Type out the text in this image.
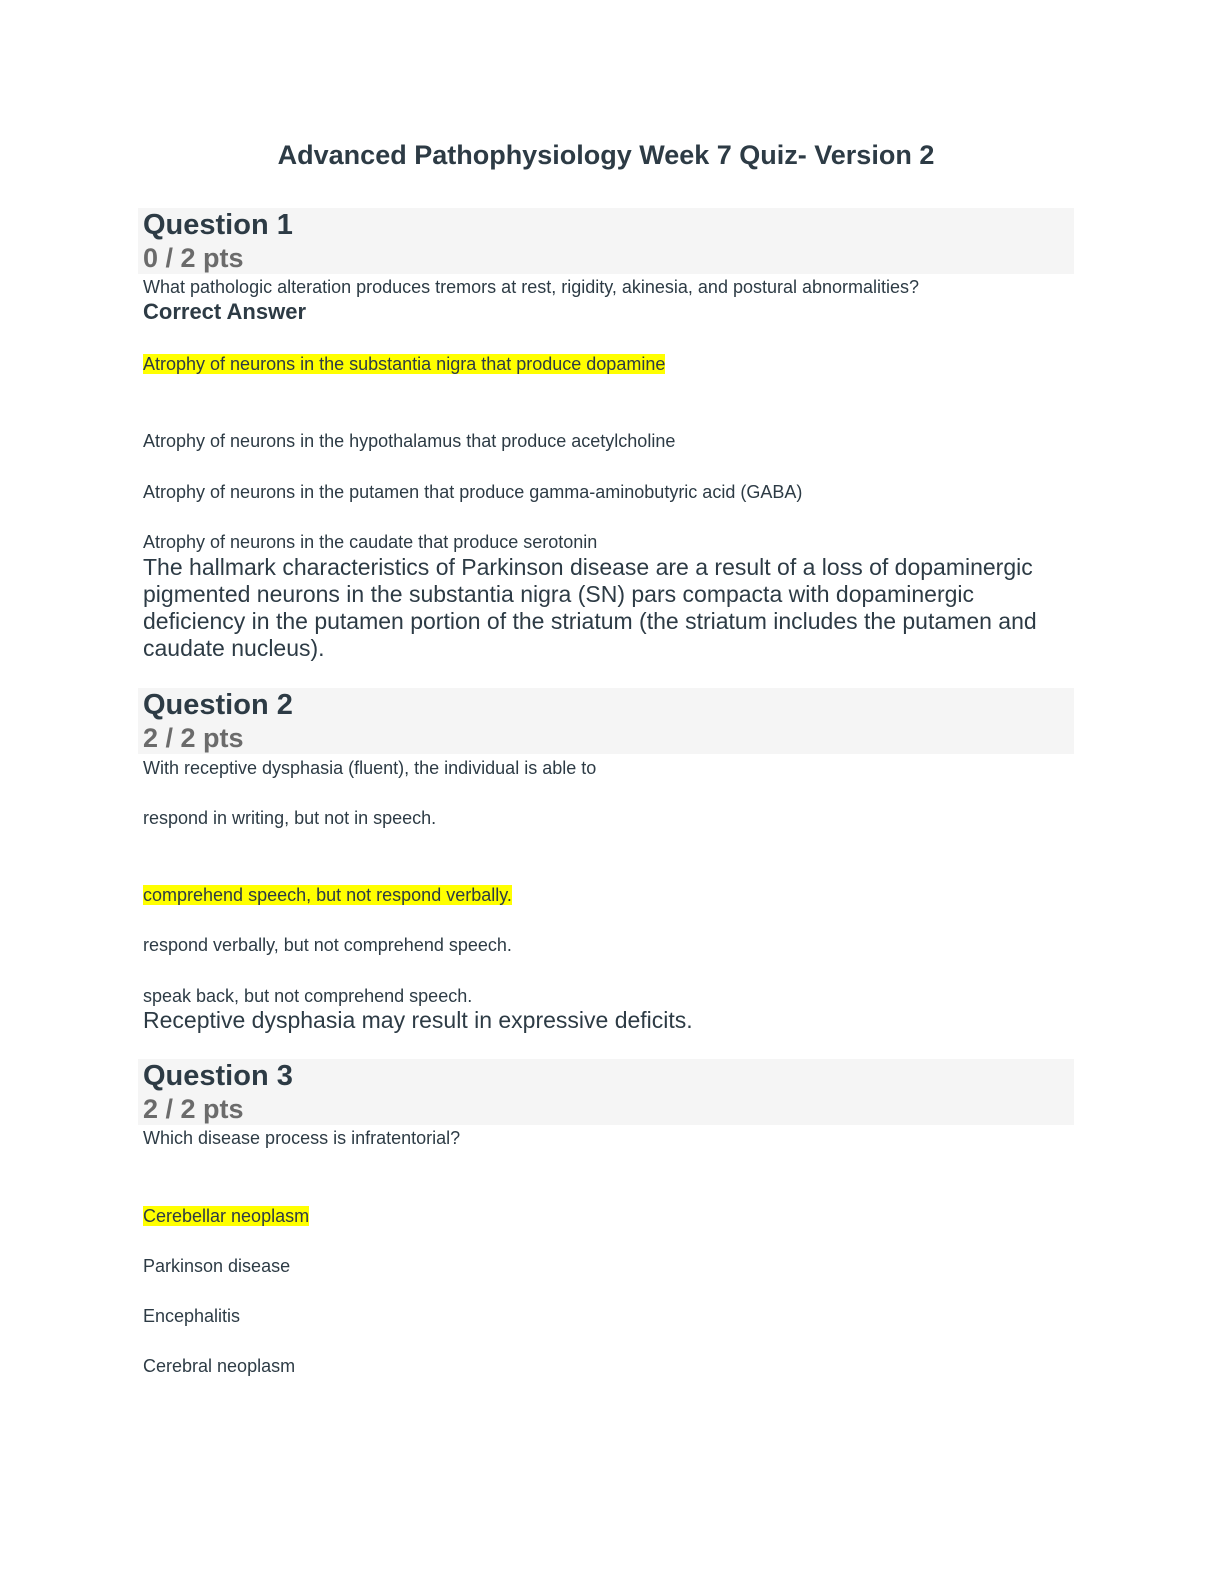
Advanced Pathophysiology Week 7 Quiz- Version 2
Question 1
0 / 2 pts
What pathologic alteration produces tremors at rest, rigidity, akinesia, and postural abnormalities?
Correct Answer
Atrophy of neurons in the substantia nigra that produce dopamine
Atrophy of neurons in the hypothalamus that produce acetylcholine
Atrophy of neurons in the putamen that produce gamma-aminobutyric acid (GABA)
Atrophy of neurons in the caudate that produce serotonin
The hallmark characteristics of Parkinson disease are a result of a loss of dopaminergic pigmented neurons in the substantia nigra (SN) pars compacta with dopaminergic deficiency in the putamen portion of the striatum (the striatum includes the putamen and caudate nucleus).
Question 2
2 / 2 pts
With receptive dysphasia (fluent), the individual is able to
respond in writing, but not in speech.
comprehend speech, but not respond verbally.
respond verbally, but not comprehend speech.
speak back, but not comprehend speech.
Receptive dysphasia may result in expressive deficits.
Question 3
2 / 2 pts
Which disease process is infratentorial?
Cerebellar neoplasm
Parkinson disease
Encephalitis
Cerebral neoplasm
